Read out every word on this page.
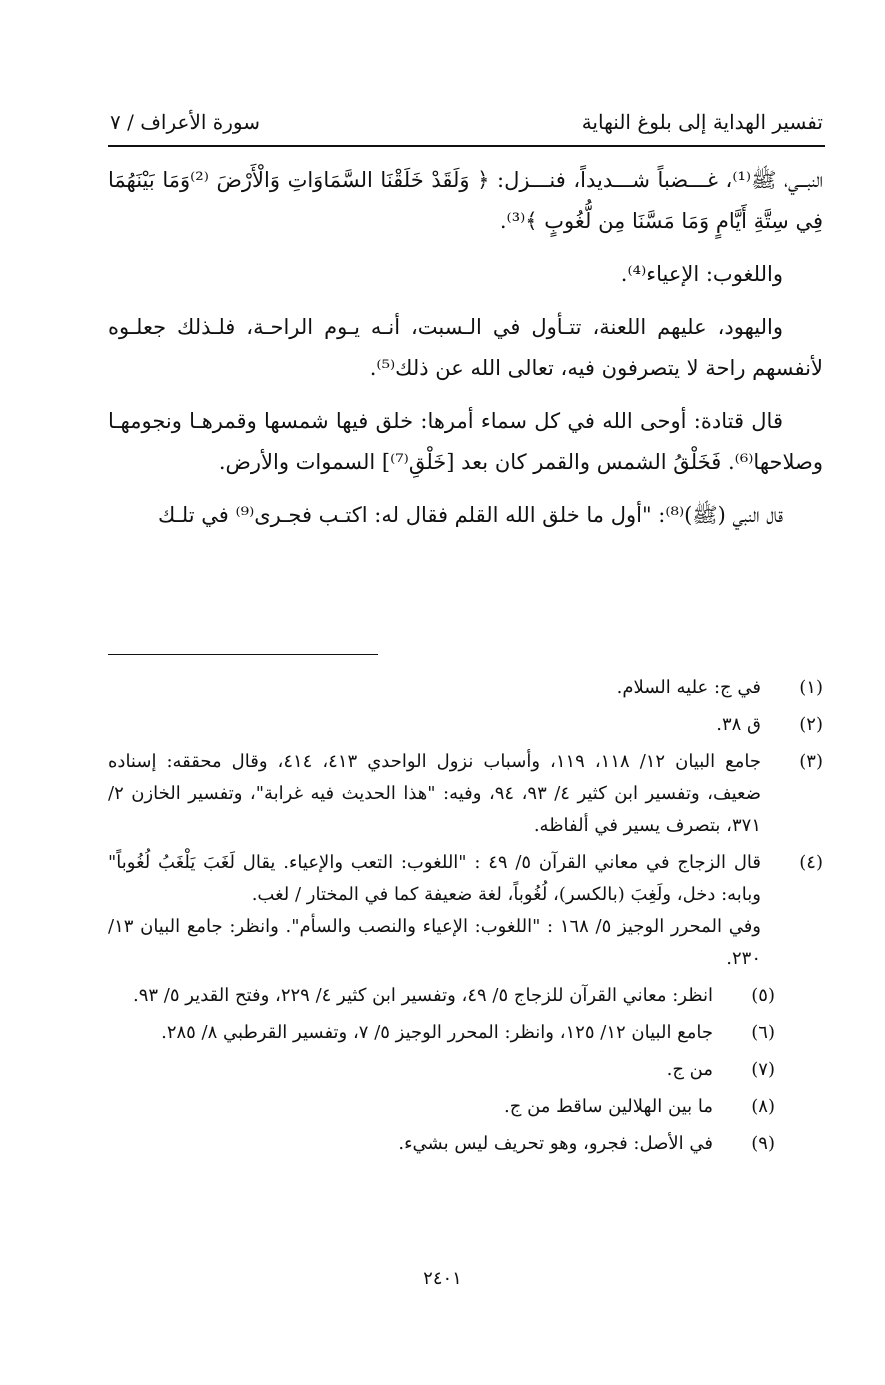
تفسير الهداية إلى بلوغ النهاية
سورة الأعراف / ٧

النبـــي، ﷺ⁽¹⁾، غـــضباً شـــديداً، فنـــزل: ﴿ وَلَقَدْ خَلَقْنَا السَّمَاوَاتِ وَالْأَرْضَ ⁽²⁾وَمَا بَيْنَهُمَا فِي سِتَّةِ أَيَّامٍ وَمَا مَسَّنَا مِن لُّغُوبٍ ﴾⁽³⁾.

واللغوب: الإعياء⁽⁴⁾.

واليهود، عليهم اللعنة، تتـأول في الـسبت، أنـه يـوم الراحـة، فلـذلك جعلـوه لأنفسهم راحة لا يتصرفون فيه، تعالى الله عن ذلك⁽⁵⁾.

قال قتادة: أوحى الله في كل سماء أمرها: خلق فيها شمسها وقمرهـا ونجومهـا وصلاحها⁽⁶⁾. فَخَلْقُ الشمس والقمر كان بعد [خَلْقِ⁽⁷⁾] السموات والأرض.

قال النبي (ﷺ)⁽⁸⁾: "أول ما خلق الله القلم فقال له: اكتـب فجـرى⁽⁹⁾ في تلـك

(١)

في ج: عليه السلام.

(٢)

ق ٣٨.

(٣)

جامع البيان ١٢/ ١١٨، ١١٩، وأسباب نزول الواحدي ٤١٣، ٤١٤، وقال محققه: إسناده ضعيف، وتفسير ابن كثير ٤/ ٩٣، ٩٤، وفيه: "هذا الحديث فيه غرابة"، وتفسير الخازن ٢/ ٣٧١، بتصرف يسير في ألفاظه.

(٤)

قال الزجاج في معاني القرآن ٥/ ٤٩ : "اللغوب: التعب والإعياء. يقال لَغَبَ يَلْغَبُ لُغُوباً" وبابه: دخل، ولَغِبَ (بالكسر)، لُغُوباً، لغة ضعيفة كما في المختار / لغب.

وفي المحرر الوجيز ٥/ ١٦٨ : "اللغوب: الإعياء والنصب والسأم". وانظر: جامع البيان ١٣/ ٢٣٠.

(٥)

انظر: معاني القرآن للزجاج ٥/ ٤٩، وتفسير ابن كثير ٤/ ٢٢٩، وفتح القدير ٥/ ٩٣.

(٦)

جامع البيان ١٢/ ١٢٥، وانظر: المحرر الوجيز ٥/ ٧، وتفسير القرطبي ٨/ ٢٨٥.

(٧)

من ج.

(٨)

ما بين الهلالين ساقط من ج.

(٩)

في الأصل: فجرو، وهو تحريف ليس بشيء.

٢٤٠١
